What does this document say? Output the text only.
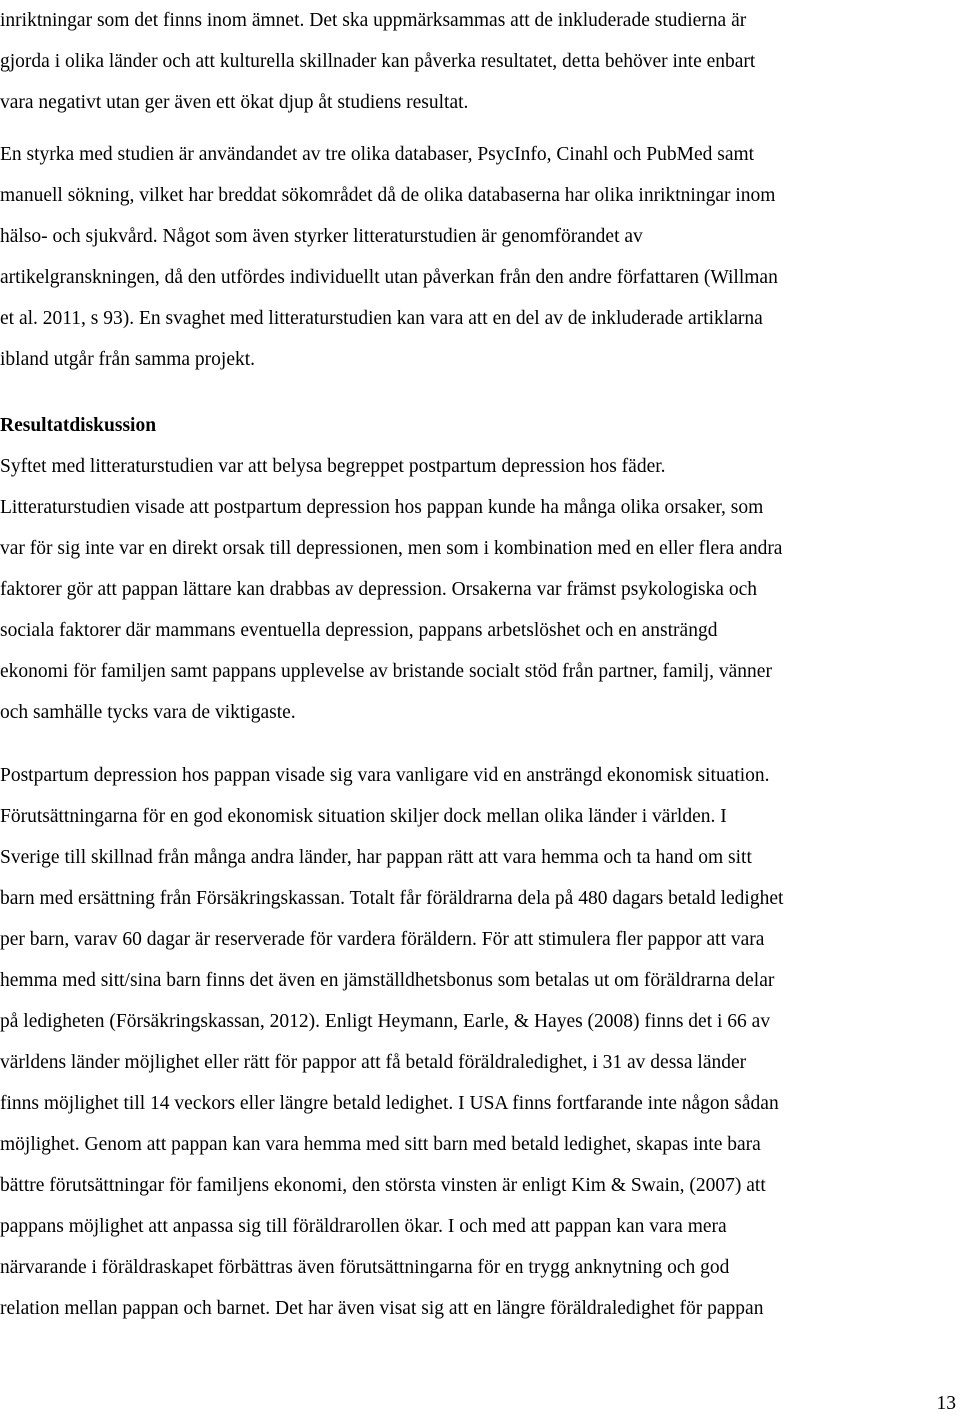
inriktningar som det finns inom ämnet. Det ska uppmärksammas att de inkluderade studierna är
gjorda i olika länder och att kulturella skillnader kan påverka resultatet, detta behöver inte enbart
vara negativt utan ger även ett ökat djup åt studiens resultat.
En styrka med studien är användandet av tre olika databaser, PsycInfo, Cinahl och PubMed samt
manuell sökning, vilket har breddat sökområdet då de olika databaserna har olika inriktningar inom
hälso- och sjukvård. Något som även styrker litteraturstudien är genomförandet av
artikelgranskningen, då den utfördes individuellt utan påverkan från den andre författaren (Willman
et al. 2011, s 93). En svaghet med litteraturstudien kan vara att en del av de inkluderade artiklarna
ibland utgår från samma projekt.
Resultatdiskussion
Syftet med litteraturstudien var att belysa begreppet postpartum depression hos fäder.
Litteraturstudien visade att postpartum depression hos pappan kunde ha många olika orsaker, som
var för sig inte var en direkt orsak till depressionen, men som i kombination med en eller flera andra
faktorer gör att pappan lättare kan drabbas av depression. Orsakerna var främst psykologiska och
sociala faktorer där mammans eventuella depression, pappans arbetslöshet och en ansträngd
ekonomi för familjen samt pappans upplevelse av bristande socialt stöd från partner, familj, vänner
och samhälle tycks vara de viktigaste.
Postpartum depression hos pappan visade sig vara vanligare vid en ansträngd ekonomisk situation.
Förutsättningarna för en god ekonomisk situation skiljer dock mellan olika länder i världen. I
Sverige till skillnad från många andra länder, har pappan rätt att vara hemma och ta hand om sitt
barn med ersättning från Försäkringskassan. Totalt får föräldrarna dela på 480 dagars betald ledighet
per barn, varav 60 dagar är reserverade för vardera föräldern. För att stimulera fler pappor att vara
hemma med sitt/sina barn finns det även en jämställdhetsbonus som betalas ut om föräldrarna delar
på ledigheten (Försäkringskassan, 2012). Enligt Heymann, Earle, & Hayes (2008) finns det i 66 av
världens länder möjlighet eller rätt för pappor att få betald föräldraledighet, i 31 av dessa länder
finns möjlighet till 14 veckors eller längre betald ledighet. I USA finns fortfarande inte någon sådan
möjlighet. Genom att pappan kan vara hemma med sitt barn med betald ledighet, skapas inte bara
bättre förutsättningar för familjens ekonomi, den största vinsten är enligt Kim & Swain, (2007) att
pappans möjlighet att anpassa sig till föräldrarollen ökar. I och med att pappan kan vara mera
närvarande i föräldraskapet förbättras även förutsättningarna för en trygg anknytning och god
relation mellan pappan och barnet. Det har även visat sig att en längre föräldraledighet för pappan
13
